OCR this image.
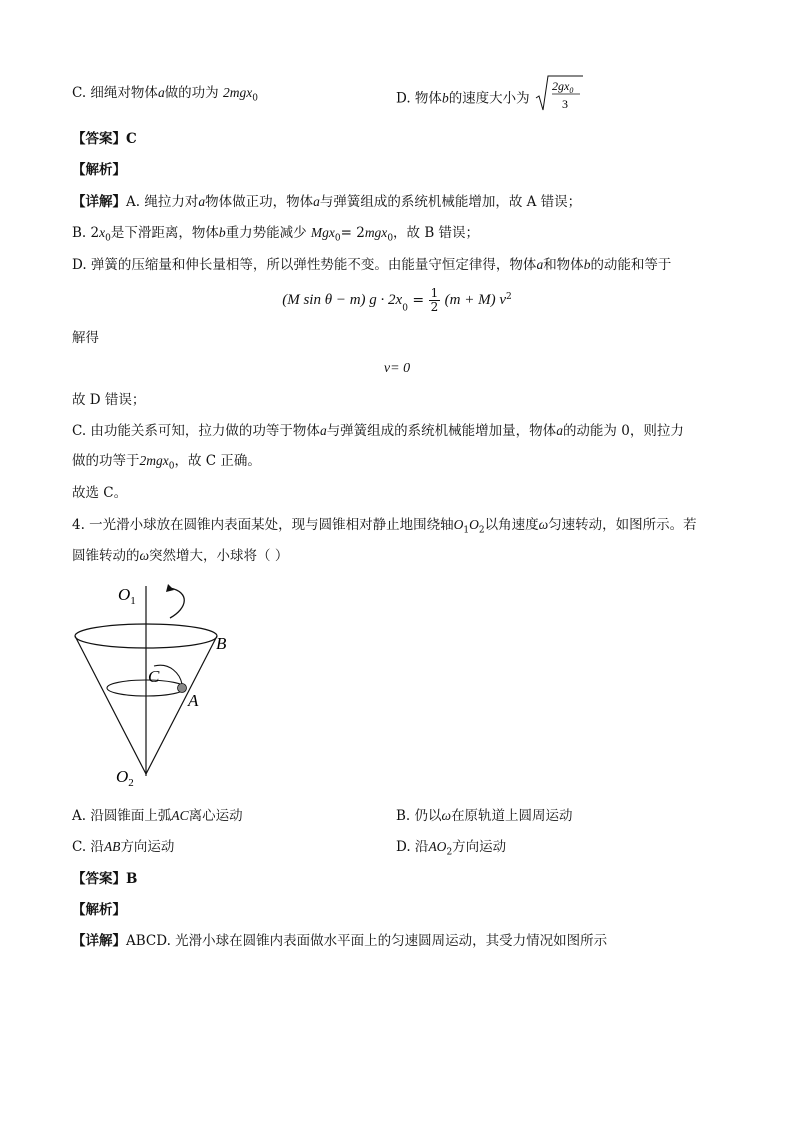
C. 细绳对物体a做的功为 2mgx$_0$	D. 物体b的速度大小为
$2gx_0$
3
【答案】C
【解析】
【详解】A. 绳拉力对a物体做正功，物体a与弹簧组成的系统机械能增加，故 A 错误；
B. $2x_0$是下滑距离，物体b重力势能减少 Mgx$_0$= 2mgx$_0$，故 B 错误；
D. 弹簧的压缩量和伸长量相等，所以弹性势能不变。由能量守恒定律得，物体a和物体b的动能和等于
(M sin θ − m) $g \cdot 2x_0 = \frac{1}{2} (m + M)$ $v^2$
解得
v= 0
故 D 错误；
C. 由功能关系可知，拉力做的功等于物体a与弹簧组成的系统机械能增加量，物体a的动能为 0，则拉力
做的功等于2mgx$_0$，故 C 正确。
故选 C。
4. 一光滑小球放在圆锥内表面某处，现与圆锥相对静止地围绕轴$O_1O_2$以角速度ω匀速转动，如图所示。若
圆锥转动的ω突然增大，小球将（ ）
$O_1$
B
C
A
$O_2$
A. 沿圆锥面上弧AC离心运动	B. 仍以ω在原轨道上圆周运动
C. 沿AB方向运动	D. 沿$AO_2$方向运动
【答案】B
【解析】
【详解】ABCD. 光滑小球在圆锥内表面做水平面上的匀速圆周运动，其受力情况如图所示
